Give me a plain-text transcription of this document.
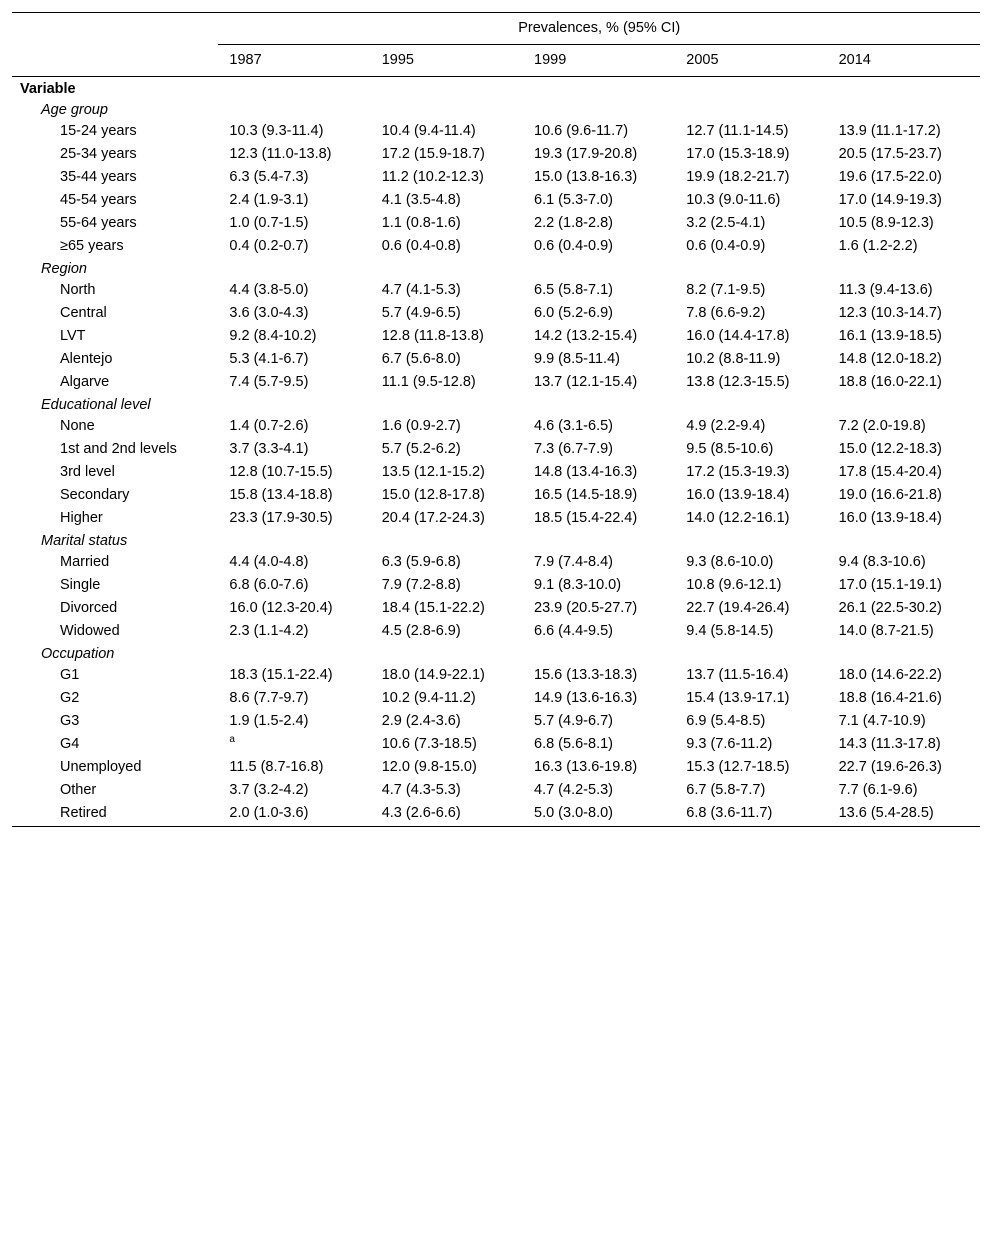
	Prevalences, % (95% CI)				
	1987	1995	1999	2005	2014
Variable					
Age group					
15-24 years	10.3 (9.3-11.4)	10.4 (9.4-11.4)	10.6 (9.6-11.7)	12.7 (11.1-14.5)	13.9 (11.1-17.2)
25-34 years	12.3 (11.0-13.8)	17.2 (15.9-18.7)	19.3 (17.9-20.8)	17.0 (15.3-18.9)	20.5 (17.5-23.7)
35-44 years	6.3 (5.4-7.3)	11.2 (10.2-12.3)	15.0 (13.8-16.3)	19.9 (18.2-21.7)	19.6 (17.5-22.0)
45-54 years	2.4 (1.9-3.1)	4.1 (3.5-4.8)	6.1 (5.3-7.0)	10.3 (9.0-11.6)	17.0 (14.9-19.3)
55-64 years	1.0 (0.7-1.5)	1.1 (0.8-1.6)	2.2 (1.8-2.8)	3.2 (2.5-4.1)	10.5 (8.9-12.3)
≥65 years	0.4 (0.2-0.7)	0.6 (0.4-0.8)	0.6 (0.4-0.9)	0.6 (0.4-0.9)	1.6 (1.2-2.2)
Region					
North	4.4 (3.8-5.0)	4.7 (4.1-5.3)	6.5 (5.8-7.1)	8.2 (7.1-9.5)	11.3 (9.4-13.6)
Central	3.6 (3.0-4.3)	5.7 (4.9-6.5)	6.0 (5.2-6.9)	7.8 (6.6-9.2)	12.3 (10.3-14.7)
LVT	9.2 (8.4-10.2)	12.8 (11.8-13.8)	14.2 (13.2-15.4)	16.0 (14.4-17.8)	16.1 (13.9-18.5)
Alentejo	5.3 (4.1-6.7)	6.7 (5.6-8.0)	9.9 (8.5-11.4)	10.2 (8.8-11.9)	14.8 (12.0-18.2)
Algarve	7.4 (5.7-9.5)	11.1 (9.5-12.8)	13.7 (12.1-15.4)	13.8 (12.3-15.5)	18.8 (16.0-22.1)
Educational level					
None	1.4 (0.7-2.6)	1.6 (0.9-2.7)	4.6 (3.1-6.5)	4.9 (2.2-9.4)	7.2 (2.0-19.8)
1st and 2nd levels	3.7 (3.3-4.1)	5.7 (5.2-6.2)	7.3 (6.7-7.9)	9.5 (8.5-10.6)	15.0 (12.2-18.3)
3rd level	12.8 (10.7-15.5)	13.5 (12.1-15.2)	14.8 (13.4-16.3)	17.2 (15.3-19.3)	17.8 (15.4-20.4)
Secondary	15.8 (13.4-18.8)	15.0 (12.8-17.8)	16.5 (14.5-18.9)	16.0 (13.9-18.4)	19.0 (16.6-21.8)
Higher	23.3 (17.9-30.5)	20.4 (17.2-24.3)	18.5 (15.4-22.4)	14.0 (12.2-16.1)	16.0 (13.9-18.4)
Marital status					
Married	4.4 (4.0-4.8)	6.3 (5.9-6.8)	7.9 (7.4-8.4)	9.3 (8.6-10.0)	9.4 (8.3-10.6)
Single	6.8 (6.0-7.6)	7.9 (7.2-8.8)	9.1 (8.3-10.0)	10.8 (9.6-12.1)	17.0 (15.1-19.1)
Divorced	16.0 (12.3-20.4)	18.4 (15.1-22.2)	23.9 (20.5-27.7)	22.7 (19.4-26.4)	26.1 (22.5-30.2)
Widowed	2.3 (1.1-4.2)	4.5 (2.8-6.9)	6.6 (4.4-9.5)	9.4 (5.8-14.5)	14.0 (8.7-21.5)
Occupation					
G1	18.3 (15.1-22.4)	18.0 (14.9-22.1)	15.6 (13.3-18.3)	13.7 (11.5-16.4)	18.0 (14.6-22.2)
G2	8.6 (7.7-9.7)	10.2 (9.4-11.2)	14.9 (13.6-16.3)	15.4 (13.9-17.1)	18.8 (16.4-21.6)
G3	1.9 (1.5-2.4)	2.9 (2.4-3.6)	5.7 (4.9-6.7)	6.9 (5.4-8.5)	7.1 (4.7-10.9)
G4	$^a$	10.6 (7.3-18.5)	6.8 (5.6-8.1)	9.3 (7.6-11.2)	14.3 (11.3-17.8)
Unemployed	11.5 (8.7-16.8)	12.0 (9.8-15.0)	16.3 (13.6-19.8)	15.3 (12.7-18.5)	22.7 (19.6-26.3)
Other	3.7 (3.2-4.2)	4.7 (4.3-5.3)	4.7 (4.2-5.3)	6.7 (5.8-7.7)	7.7 (6.1-9.6)
Retired	2.0 (1.0-3.6)	4.3 (2.6-6.6)	5.0 (3.0-8.0)	6.8 (3.6-11.7)	13.6 (5.4-28.5)
